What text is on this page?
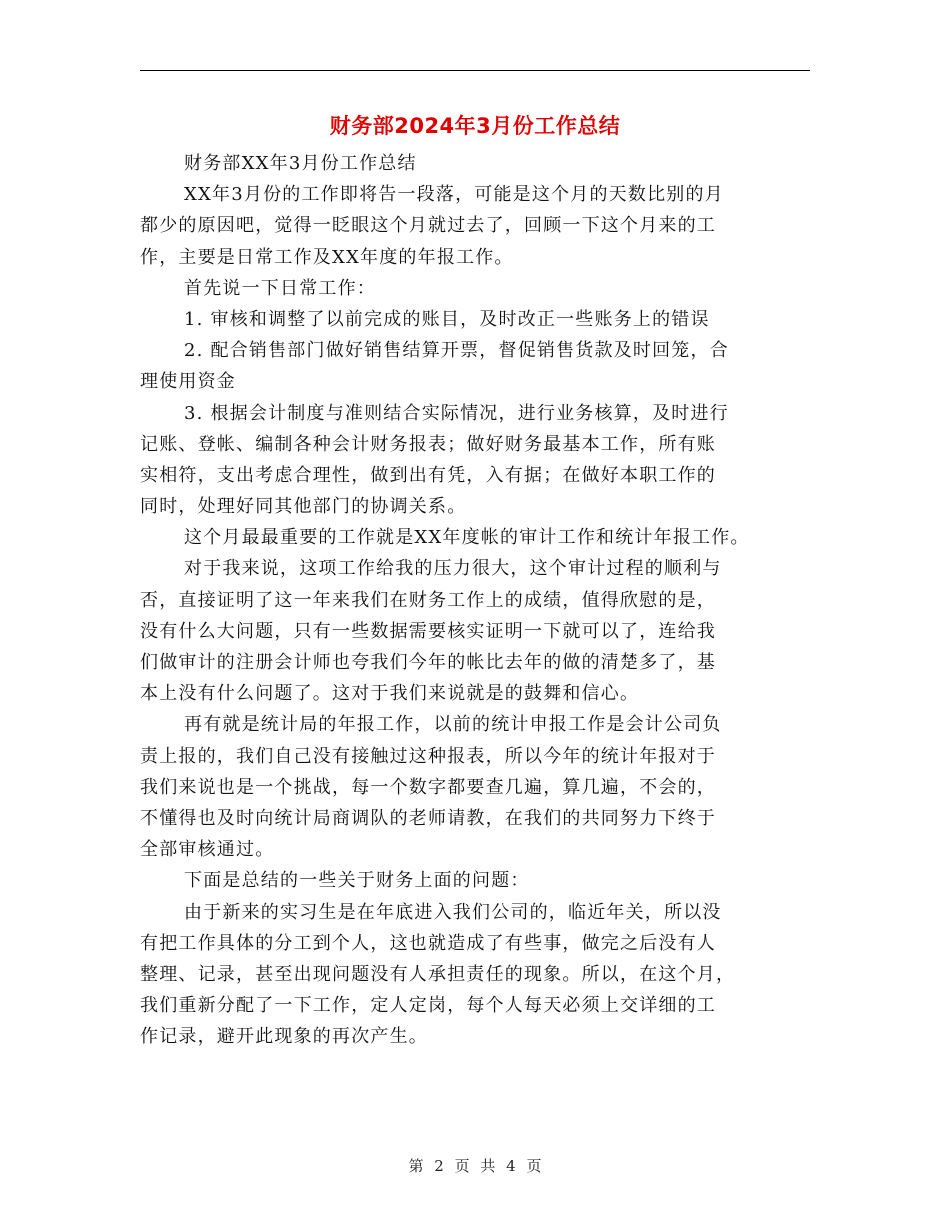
财务部2024年3月份工作总结
财务部XX年3月份工作总结
XX年3月份的工作即将告一段落，可能是这个月的天数比别的月
都少的原因吧，觉得一眨眼这个月就过去了，回顾一下这个月来的工
作，主要是日常工作及XX年度的年报工作。
首先说一下日常工作：
1. 审核和调整了以前完成的账目，及时改正一些账务上的错误
2. 配合销售部门做好销售结算开票，督促销售货款及时回笼，合
理使用资金
3. 根据会计制度与准则结合实际情况，进行业务核算，及时进行
记账、登帐、编制各种会计财务报表；做好财务最基本工作，所有账
实相符，支出考虑合理性，做到出有凭，入有据；在做好本职工作的
同时，处理好同其他部门的协调关系。
这个月最最重要的工作就是XX年度帐的审计工作和统计年报工作。
对于我来说，这项工作给我的压力很大，这个审计过程的顺利与
否，直接证明了这一年来我们在财务工作上的成绩，值得欣慰的是，
没有什么大问题，只有一些数据需要核实证明一下就可以了，连给我
们做审计的注册会计师也夸我们今年的帐比去年的做的清楚多了，基
本上没有什么问题了。这对于我们来说就是的鼓舞和信心。
再有就是统计局的年报工作，以前的统计申报工作是会计公司负
责上报的，我们自己没有接触过这种报表，所以今年的统计年报对于
我们来说也是一个挑战，每一个数字都要查几遍，算几遍，不会的，
不懂得也及时向统计局商调队的老师请教，在我们的共同努力下终于
全部审核通过。
下面是总结的一些关于财务上面的问题：
由于新来的实习生是在年底进入我们公司的，临近年关，所以没
有把工作具体的分工到个人，这也就造成了有些事，做完之后没有人
整理、记录，甚至出现问题没有人承担责任的现象。所以，在这个月，
我们重新分配了一下工作，定人定岗，每个人每天必须上交详细的工
作记录，避开此现象的再次产生。
第 2 页 共 4 页
